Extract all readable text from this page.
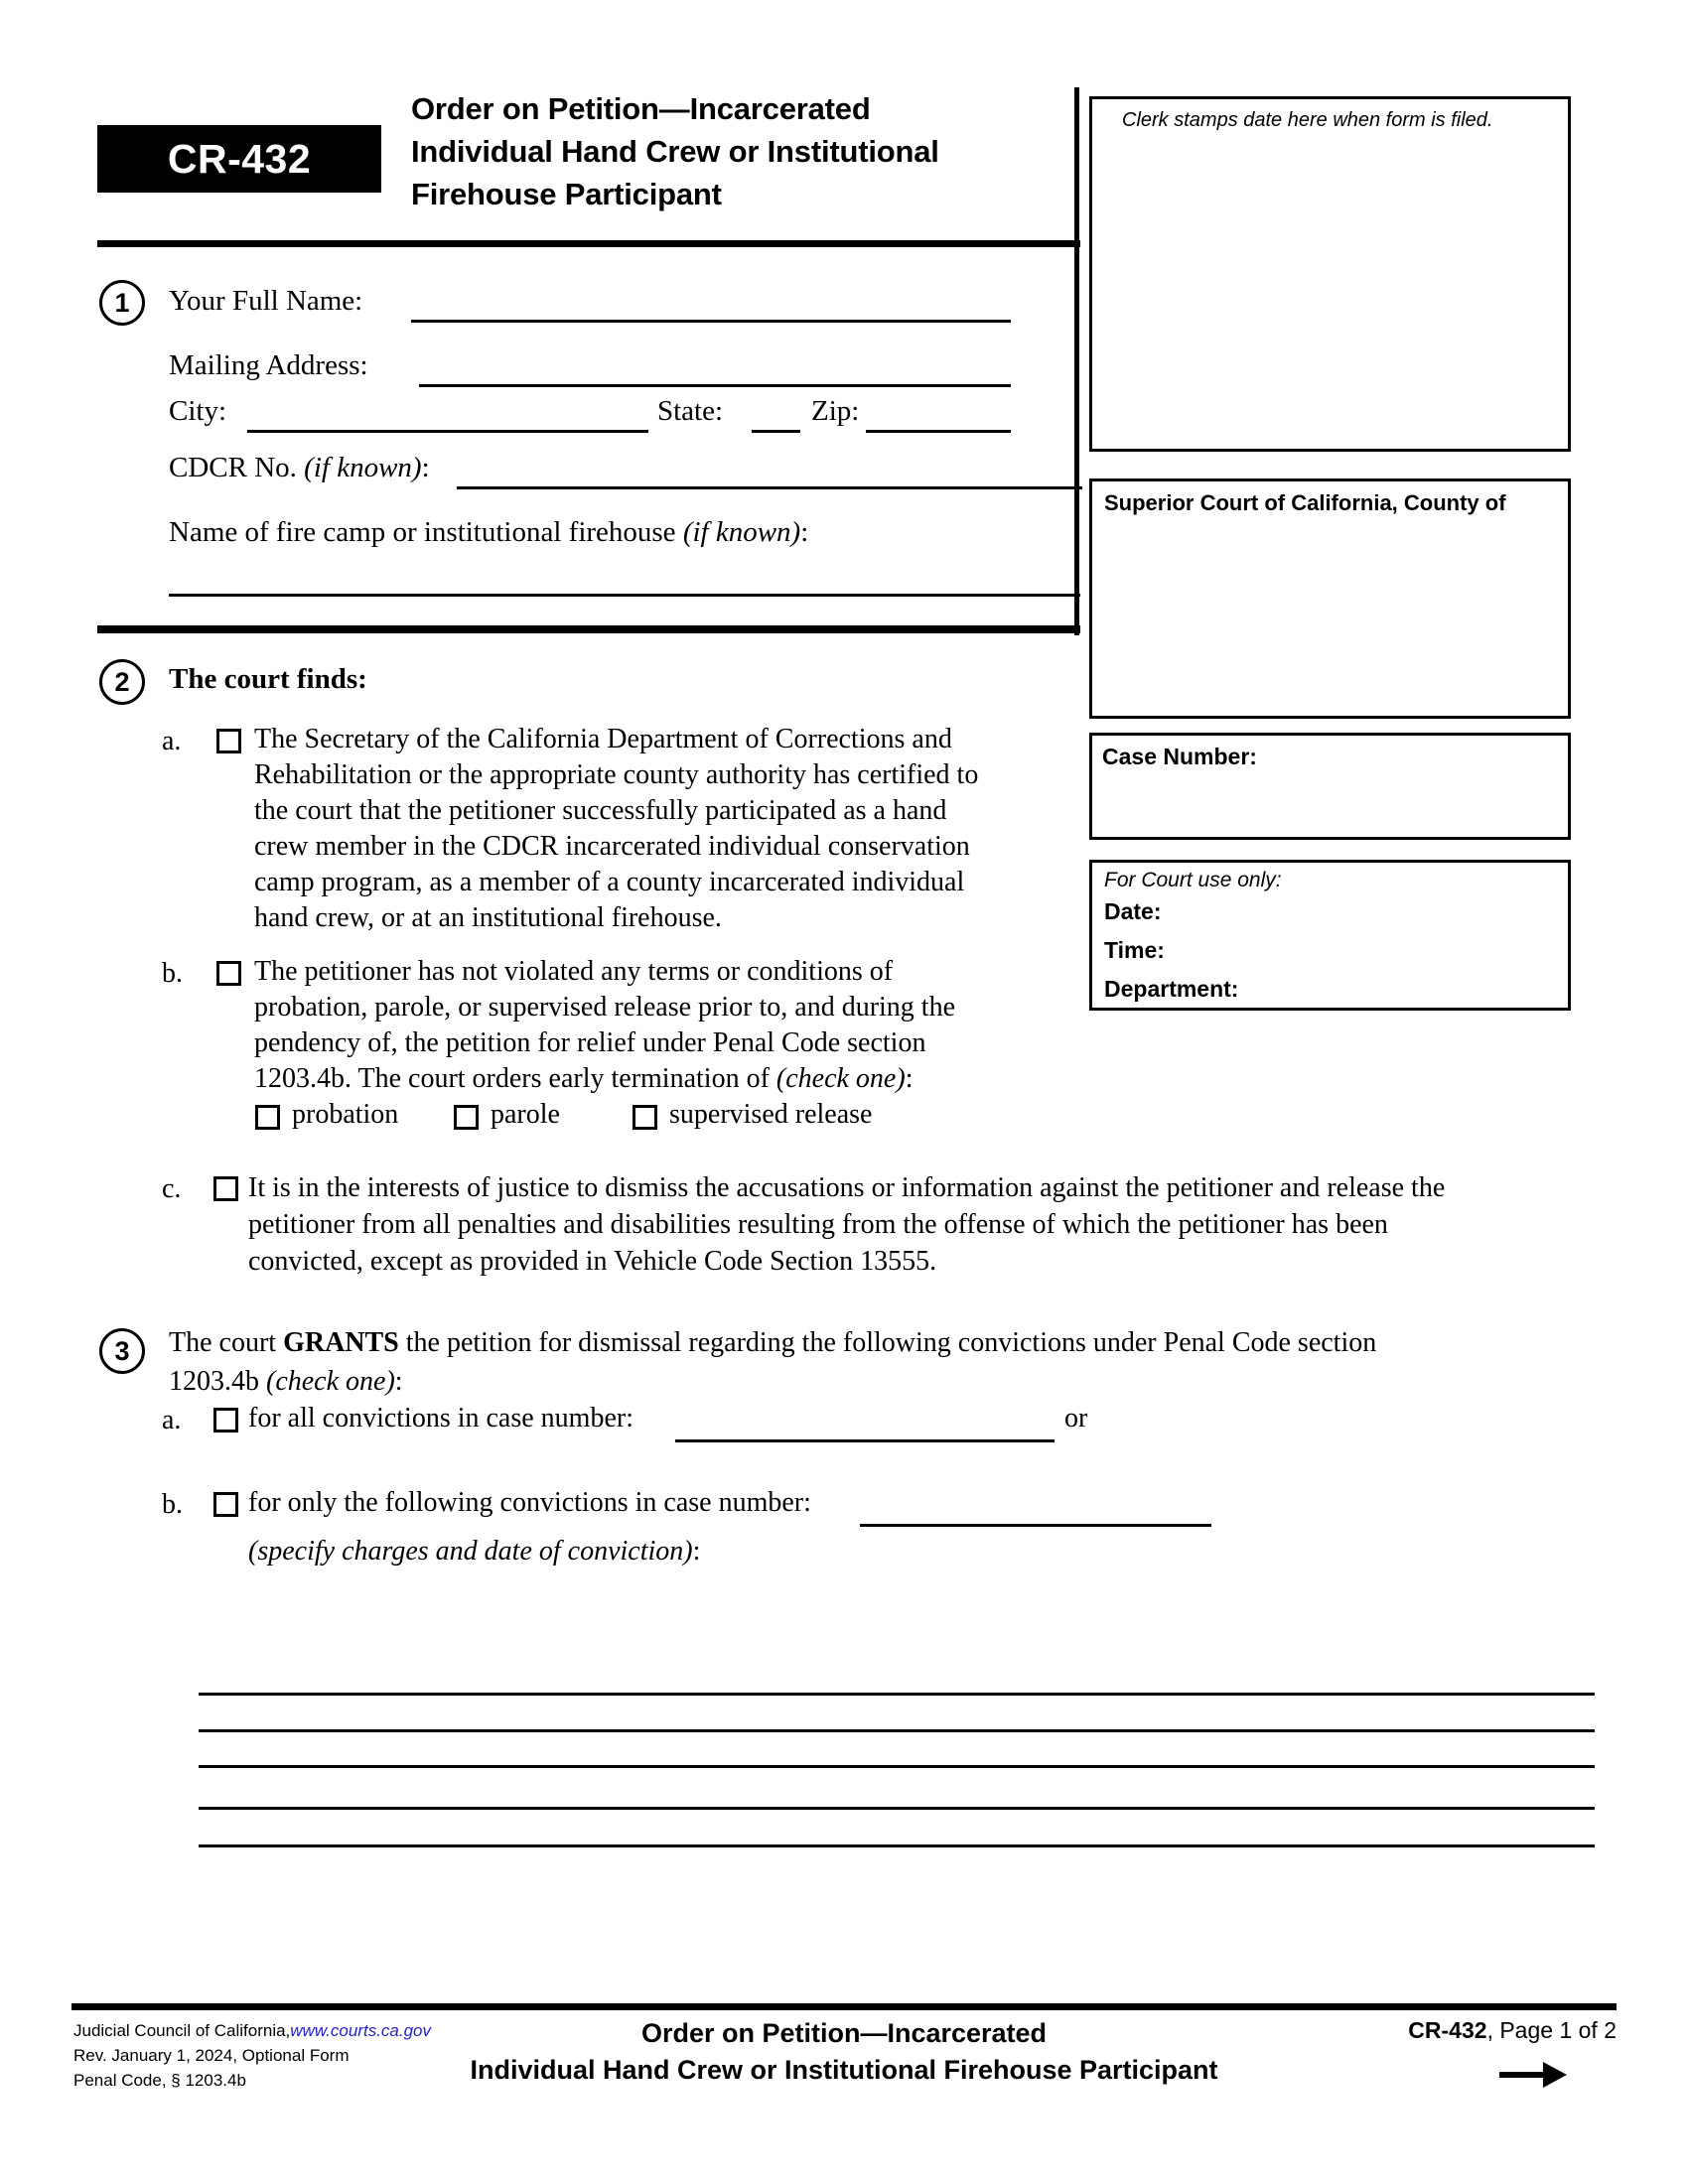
CR-432
Order on Petition—Incarcerated
Individual Hand Crew or Institutional
Firehouse Participant
Clerk stamps date here when form is filed.
Superior Court of California, County of
Case Number:
For Court use only:
Date:
Time:
Department:
1	Your Full Name:
Mailing Address:
City:	State:	Zip:
CDCR No. (if known):
Name of fire camp or institutional firehouse (if known):
2	The court finds:
a.	The Secretary of the California Department of Corrections and
Rehabilitation or the appropriate county authority has certified to
the court that the petitioner successfully participated as a hand
crew member in the CDCR incarcerated individual conservation
camp program, as a member of a county incarcerated individual
hand crew, or at an institutional firehouse.
b.	The petitioner has not violated any terms or conditions of
probation, parole, or supervised release prior to, and during the
pendency of, the petition for relief under Penal Code section
1203.4b. The court orders early termination of (check one):
probation	parole	supervised release
c. It is in the interests of justice to dismiss the accusations or information against the petitioner and release the
petitioner from all penalties and disabilities resulting from the offense of which the petitioner has been
convicted, except as provided in Vehicle Code Section 13555.
3	The court GRANTS the petition for dismissal regarding the following convictions under Penal Code section
1203.4b (check one):
a. for all convictions in case number:	or
b. for only the following convictions in case number:
(specify charges and date of conviction):
Judicial Council of California,www.courts.ca.gov
Rev. January 1, 2024, Optional Form
Penal Code, § 1203.4b
Order on Petition—Incarcerated
Individual Hand Crew or Institutional Firehouse Participant
CR-432, Page 1 of 2
